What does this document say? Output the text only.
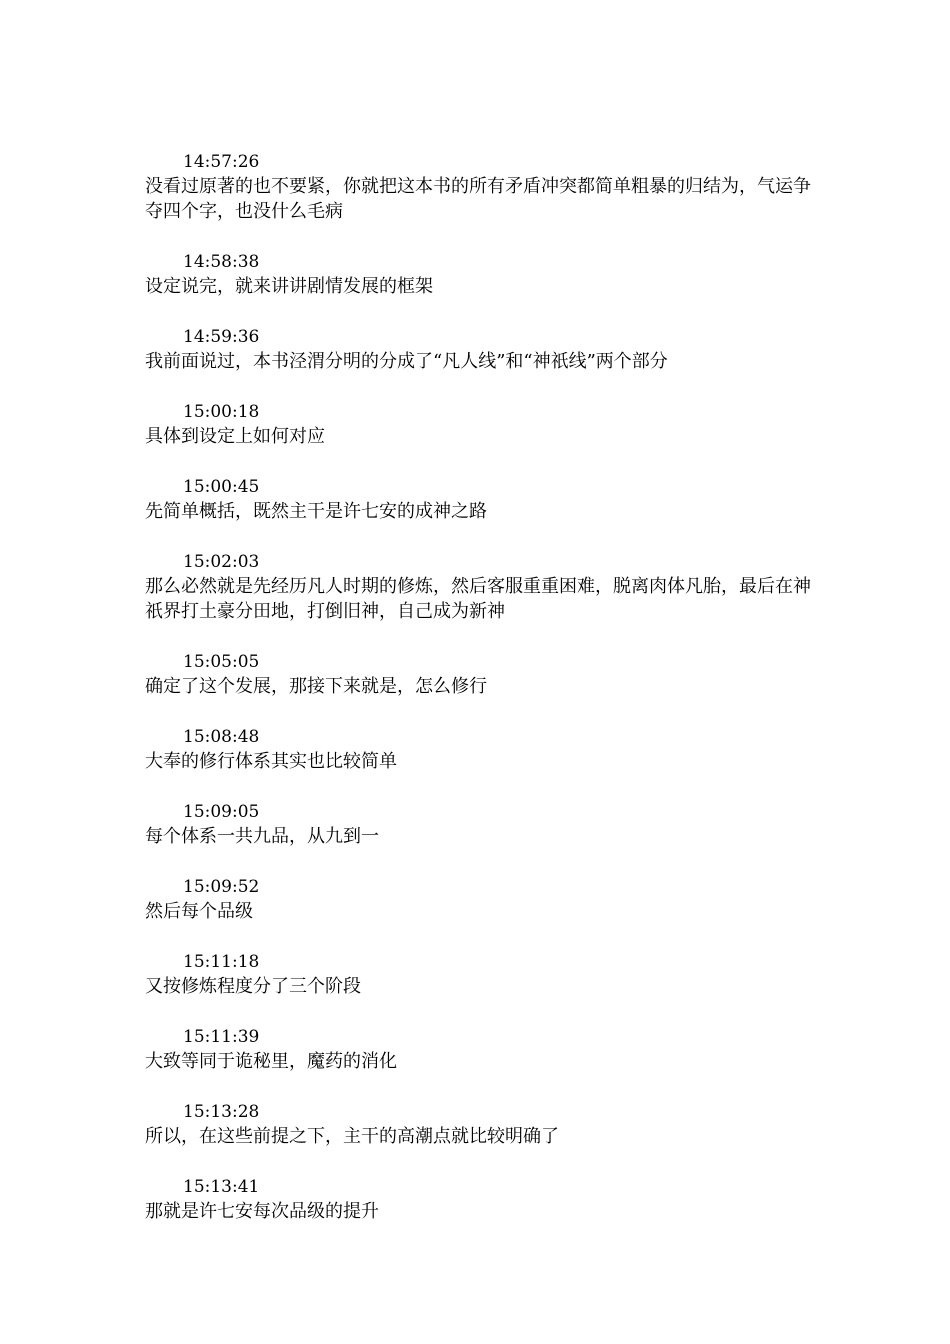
14:57:26
没看过原著的也不要紧，你就把这本书的所有矛盾冲突都简单粗暴的归结为，气运争夺四个字，也没什么毛病
14:58:38
设定说完，就来讲讲剧情发展的框架
14:59:36
我前面说过，本书泾渭分明的分成了“凡人线”和“神祇线”两个部分
15:00:18
具体到设定上如何对应
15:00:45
先简单概括，既然主干是许七安的成神之路
15:02:03
那么必然就是先经历凡人时期的修炼，然后客服重重困难，脱离肉体凡胎，最后在神祇界打土豪分田地，打倒旧神，自己成为新神
15:05:05
确定了这个发展，那接下来就是，怎么修行
15:08:48
大奉的修行体系其实也比较简单
15:09:05
每个体系一共九品，从九到一
15:09:52
然后每个品级
15:11:18
又按修炼程度分了三个阶段
15:11:39
大致等同于诡秘里，魔药的消化
15:13:28
所以，在这些前提之下，主干的高潮点就比较明确了
15:13:41
那就是许七安每次品级的提升
